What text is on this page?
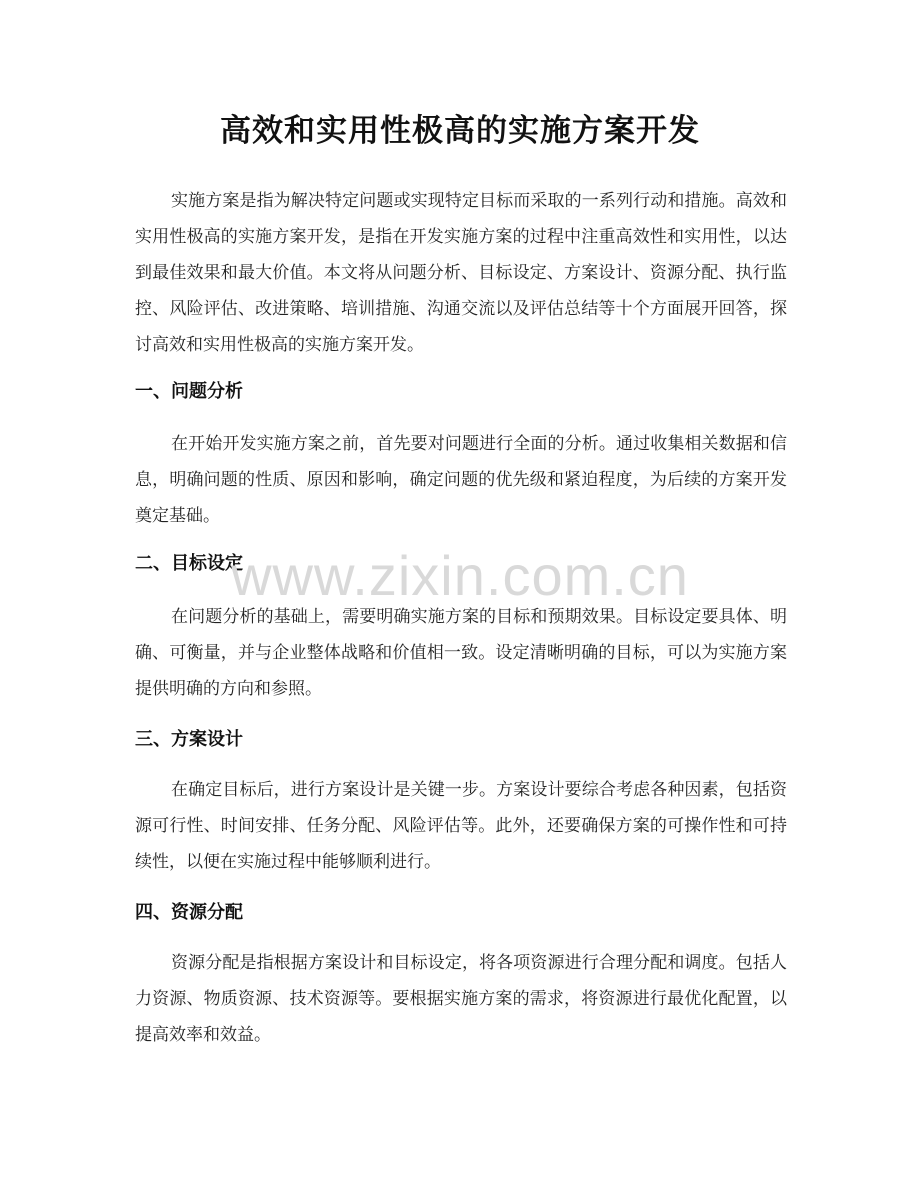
高效和实用性极高的实施方案开发
实施方案是指为解决特定问题或实现特定目标而采取的一系列行动和措施。高效和实用性极高的实施方案开发，是指在开发实施方案的过程中注重高效性和实用性，以达到最佳效果和最大价值。本文将从问题分析、目标设定、方案设计、资源分配、执行监控、风险评估、改进策略、培训措施、沟通交流以及评估总结等十个方面展开回答，探讨高效和实用性极高的实施方案开发。
一、问题分析
在开始开发实施方案之前，首先要对问题进行全面的分析。通过收集相关数据和信息，明确问题的性质、原因和影响，确定问题的优先级和紧迫程度，为后续的方案开发奠定基础。
二、目标设定
在问题分析的基础上，需要明确实施方案的目标和预期效果。目标设定要具体、明确、可衡量，并与企业整体战略和价值相一致。设定清晰明确的目标，可以为实施方案提供明确的方向和参照。
三、方案设计
在确定目标后，进行方案设计是关键一步。方案设计要综合考虑各种因素，包括资源可行性、时间安排、任务分配、风险评估等。此外，还要确保方案的可操作性和可持续性，以便在实施过程中能够顺利进行。
四、资源分配
资源分配是指根据方案设计和目标设定，将各项资源进行合理分配和调度。包括人力资源、物质资源、技术资源等。要根据实施方案的需求，将资源进行最优化配置，以提高效率和效益。
www.zixin.com.cn
